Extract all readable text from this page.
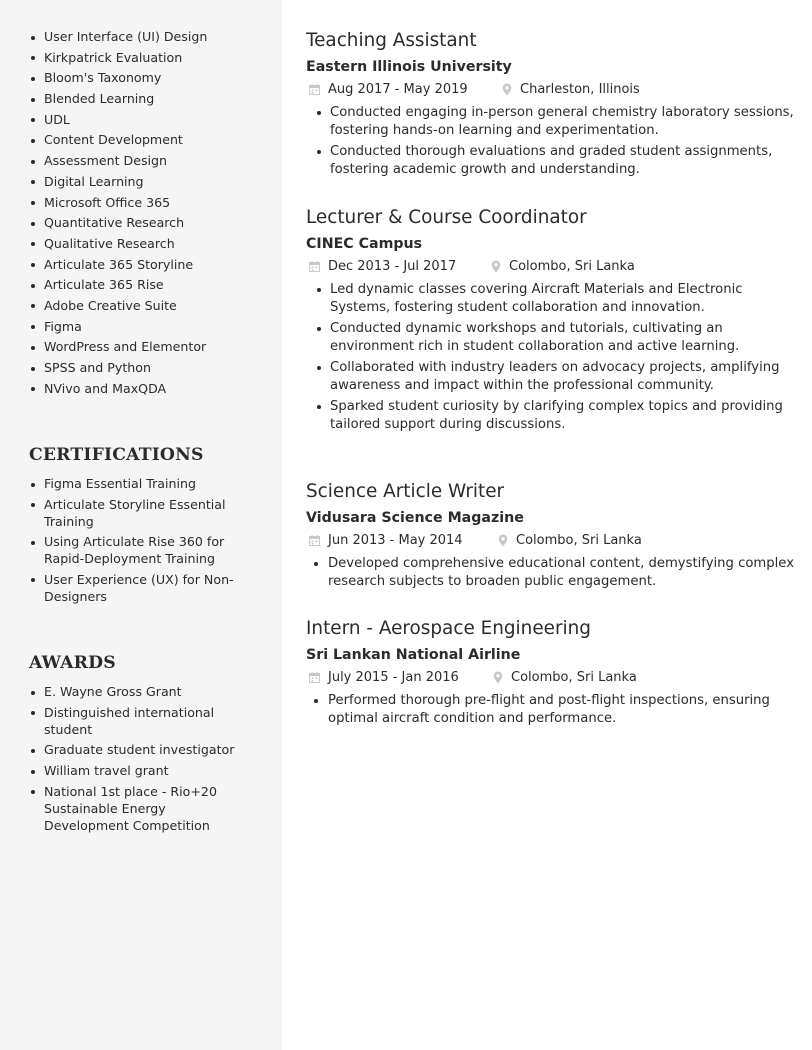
User Interface (UI) Design
Kirkpatrick Evaluation
Bloom's Taxonomy
Blended Learning
UDL
Content Development
Assessment Design
Digital Learning
Microsoft Office 365
Quantitative Research
Qualitative Research
Articulate 365 Storyline
Articulate 365 Rise
Adobe Creative Suite
Figma
WordPress and Elementor
SPSS and Python
NVivo and MaxQDA
CERTIFICATIONS
Figma Essential Training
Articulate Storyline Essential Training
Using Articulate Rise 360 for Rapid-Deployment Training
User Experience (UX) for Non-Designers
AWARDS
E. Wayne Gross Grant
Distinguished international student
Graduate student investigator
William travel grant
National 1st place - Rio+20 Sustainable Energy Development Competition
Teaching Assistant
Eastern Illinois University
Aug 2017 - May 2019	Charleston, Illinois
Conducted engaging in-person general chemistry laboratory sessions, fostering hands-on learning and experimentation.
Conducted thorough evaluations and graded student assignments, fostering academic growth and understanding.
Lecturer & Course Coordinator
CINEC Campus
Dec 2013 - Jul 2017	Colombo, Sri Lanka
Led dynamic classes covering Aircraft Materials and Electronic Systems, fostering student collaboration and innovation.
Conducted dynamic workshops and tutorials, cultivating an environment rich in student collaboration and active learning.
Collaborated with industry leaders on advocacy projects, amplifying awareness and impact within the professional community.
Sparked student curiosity by clarifying complex topics and providing tailored support during discussions.
Science Article Writer
Vidusara Science Magazine
Jun 2013 - May 2014	Colombo, Sri Lanka
Developed comprehensive educational content, demystifying complex research subjects to broaden public engagement.
Intern - Aerospace Engineering
Sri Lankan National Airline
July 2015 - Jan 2016	Colombo, Sri Lanka
Performed thorough pre-flight and post-flight inspections, ensuring optimal aircraft condition and performance.
